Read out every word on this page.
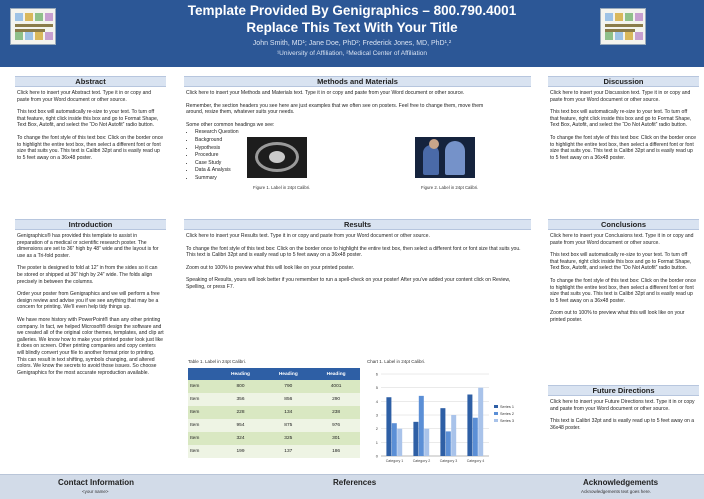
Template Provided By Genigraphics – 800.790.4001
Replace This Text With Your Title
John Smith, MD¹; Jane Doe, PhD²; Frederick Jones, MD, PhD¹,²
¹University of Affiliation, ²Medical Center of Affiliation
Abstract

Click here to insert your Abstract text. Type it in or copy and paste from your Word document or other source.

This text box will automatically re-size to your text. To turn off that feature, right click inside this box and go to Format Shape, Text Box, Autofit, and select the “Do Not Autofit” radio button.

To change the font style of this text box: Click on the border once to highlight the entire text box, then select a different font or font size that suits you. This text is Calibri 32pt and is easily read up to 5 feet away on a 36x48 poster.

Introduction

Genigraphics® has provided this template to assist in preparation of a medical or scientific research poster. The dimensions are set to 36” high by 48” wide and the layout is for use as a Tri-fold poster.

The poster is designed to fold at 12” in from the sides so it can be stored or shipped at 36” high by 24” wide. The folds align precisely in between the columns.

Order your poster from Genigraphics and we will perform a free design review and advise you if we see anything that may be a concern for printing. We’ll even help tidy things up.

We have more history with PowerPoint® than any other printing company. In fact, we helped Microsoft® design the software and we created all of the original color themes, templates, and clip art galleries. We know how to make your printed poster look just like it does on screen. Other printing companies and copy centers will blindly convert your file to another format prior to printing. This can result in text shifting, symbols changing, and altered colors. We know the secrets to avoid those issues. So choose Genigraphics for the most accurate reproduction available.

Methods and Materials

Click here to insert your Methods and Materials text. Type it in or copy and paste from your Word document or other source.

Remember, the section headers you see here are just examples that we often see on posters. Feel free to change them, move them around, resize them, whatever suits your needs.

Some other common headings we see:

• Research Question
• Background
• Hypothesis
• Procedure
• Case Study
• Data & Analysis
• Summary
Figure 1. Label in 24pt Calibri.	Figure 2. Label in 24pt Calibri.
Results

Click here to insert your Results text. Type it in or copy and paste from your Word document or other source.

To change the font style of this text box: Click on the border once to highlight the entire text box, then select a different font or font size that suits you. This text is Calibri 32pt and is easily read up to 5 feet away on a 36x48 poster.

Zoom out to 100% to preview what this will look like on your printed poster.

Speaking of Results, yours will look better if you remember to run a spell-check on your poster! After you’ve added your content click on Review, Spelling, or press F7.

Table 1. Label in 24pt Calibri.
	Heading	Heading	Heading
Item	800	790	4001
Item	356	856	290
Item	228	134	238
Item	954	875	976
Item	324	325	301
Item	199	137	186
Chart 1. Label in 24pt Calibri.
0
1
2
3
4
5
6
Category 1	Category 2	Category 3	Category 4
Series 1
Series 2
Series 3
Discussion

Click here to insert your Discussion text. Type it in or copy and paste from your Word document or other source.

This text box will automatically re-size to your text. To turn off that feature, right click inside this box and go to Format Shape, Text Box, Autofit, and select the “Do Not Autofit” radio button.

To change the font style of this text box: Click on the border once to highlight the entire text box, then select a different font or font size that suits you. This text is Calibri 32pt and is easily read up to 5 feet away on a 36x48 poster.

Conclusions

Click here to insert your Conclusions text. Type it in or copy and paste from your Word document or other source.

This text box will automatically re-size to your text. To turn off that feature, right click inside this box and go to Format Shape, Text Box, Autofit, and select the “Do Not Autofit” radio button.

To change the font style of this text box: Click on the border once to highlight the entire text box, then select a different font or font size that suits you. This text is Calibri 32pt and is easily read up to 5 feet away on a 36x48 poster.

Zoom out to 100% to preview what this will look like on your printed poster.

Future Directions

Click here to insert your Future Directions text. Type it in or copy and paste from your Word document or other source.

This text is Calibri 32pt and is easily read up to 5 feet away on a 36x48 poster.

Contact Information
<your name>
References	Acknowledgements
Acknowledgements text goes here.
